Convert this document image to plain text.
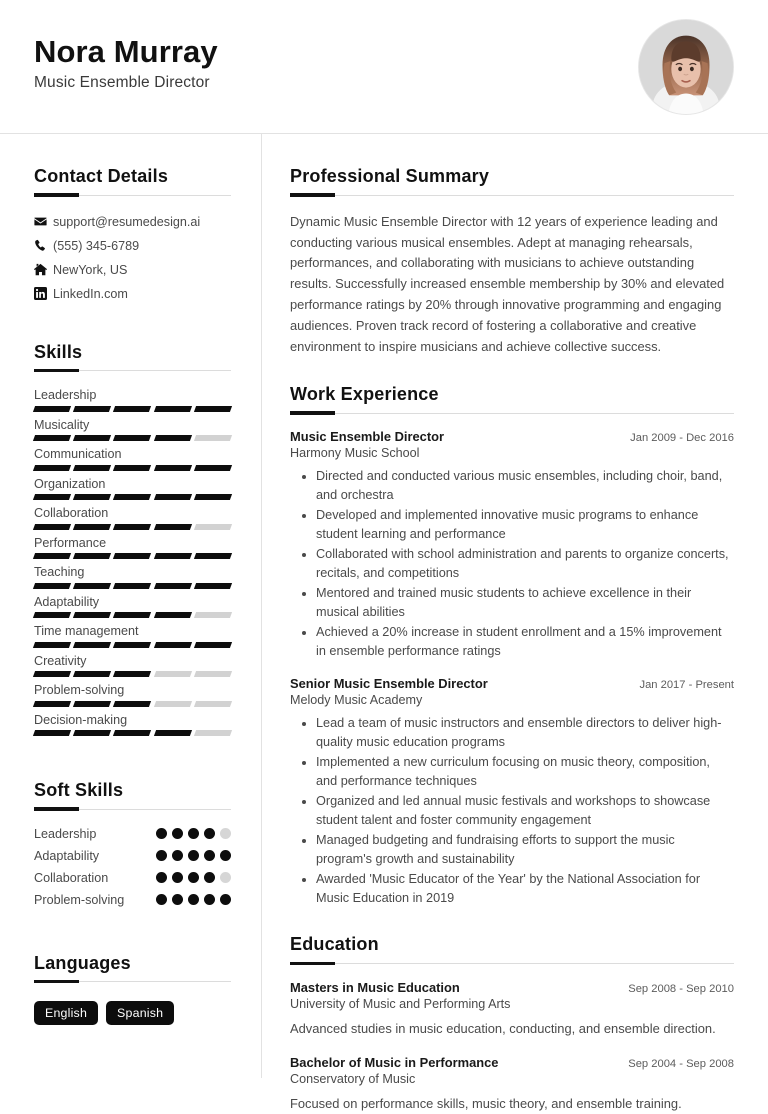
Nora Murray
Music Ensemble Director
Contact Details
support@resumedesign.ai
(555) 345-6789
NewYork, US
LinkedIn.com
Skills
Leadership
Musicality
Communication
Organization
Collaboration
Performance
Teaching
Adaptability
Time management
Creativity
Problem-solving
Decision-making
Soft Skills
Leadership
Adaptability
Collaboration
Problem-solving
Languages
English	Spanish
Professional Summary
Dynamic Music Ensemble Director with 12 years of experience leading and conducting various musical ensembles. Adept at managing rehearsals, performances, and collaborating with musicians to achieve outstanding results. Successfully increased ensemble membership by 30% and elevated performance ratings by 20% through innovative programming and engaging audiences. Proven track record of fostering a collaborative and creative environment to inspire musicians and achieve collective success.
Work Experience
Music Ensemble Director	Jan 2009 - Dec 2016
Harmony Music School
• Directed and conducted various music ensembles, including choir, band, and orchestra
• Developed and implemented innovative music programs to enhance student learning and performance
• Collaborated with school administration and parents to organize concerts, recitals, and competitions
• Mentored and trained music students to achieve excellence in their musical abilities
• Achieved a 20% increase in student enrollment and a 15% improvement in ensemble performance ratings
Senior Music Ensemble Director	Jan 2017 - Present
Melody Music Academy
• Lead a team of music instructors and ensemble directors to deliver high-quality music education programs
• Implemented a new curriculum focusing on music theory, composition, and performance techniques
• Organized and led annual music festivals and workshops to showcase student talent and foster community engagement
• Managed budgeting and fundraising efforts to support the music program's growth and sustainability
• Awarded 'Music Educator of the Year' by the National Association for Music Education in 2019
Education
Masters in Music Education	Sep 2008 - Sep 2010
University of Music and Performing Arts
Advanced studies in music education, conducting, and ensemble direction.
Bachelor of Music in Performance	Sep 2004 - Sep 2008
Conservatory of Music
Focused on performance skills, music theory, and ensemble training.
